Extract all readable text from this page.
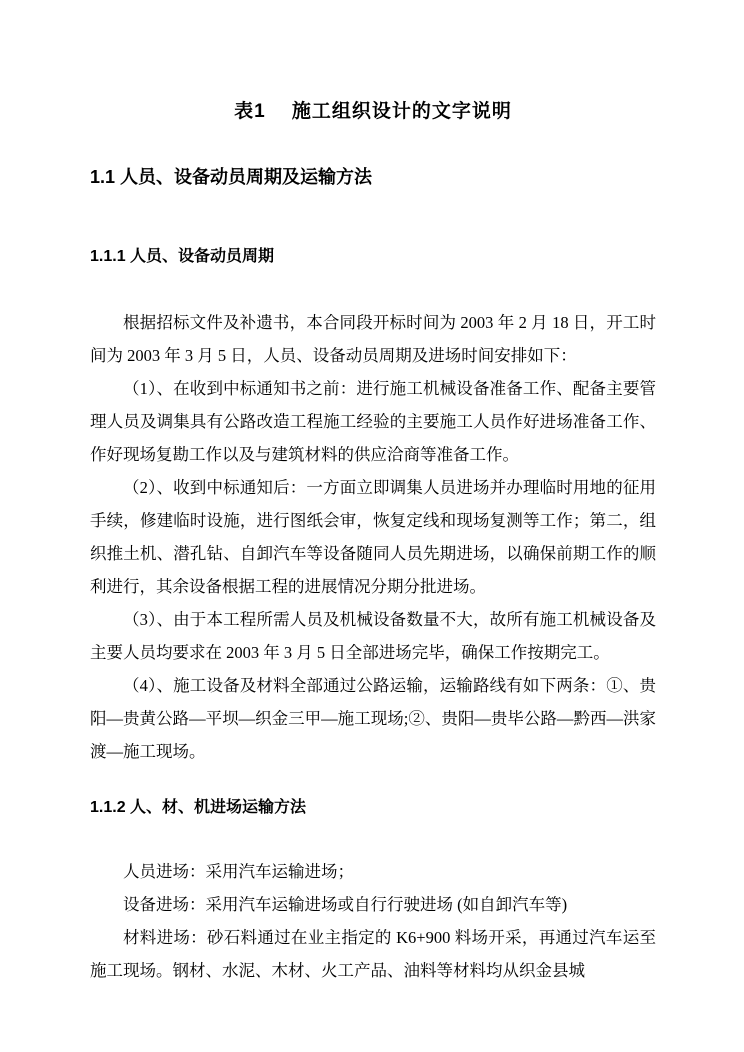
表1　 施工组织设计的文字说明
1.1 人员、设备动员周期及运输方法
1.1.1 人员、设备动员周期

根据招标文件及补遗书，本合同段开标时间为 2003 年 2 月 18 日，开工时间为 2003 年 3 月 5 日，人员、设备动员周期及进场时间安排如下：

（1）、在收到中标通知书之前：进行施工机械设备准备工作、配备主要管理人员及调集具有公路改造工程施工经验的主要施工人员作好进场准备工作、作好现场复勘工作以及与建筑材料的供应洽商等准备工作。

（2）、收到中标通知后：一方面立即调集人员进场并办理临时用地的征用手续，修建临时设施，进行图纸会审，恢复定线和现场复测等工作；第二，组织推土机、潜孔钻、自卸汽车等设备随同人员先期进场，以确保前期工作的顺利进行，其余设备根据工程的进展情况分期分批进场。

（3）、由于本工程所需人员及机械设备数量不大，故所有施工机械设备及主要人员均要求在 2003 年 3 月 5 日全部进场完毕，确保工作按期完工。

（4）、施工设备及材料全部通过公路运输，运输路线有如下两条：①、贵阳—贵黄公路—平坝—织金三甲—施工现场;②、贵阳—贵毕公路—黔西—洪家渡—施工现场。

1.1.2 人、材、机进场运输方法

人员进场：采用汽车运输进场；

设备进场：采用汽车运输进场或自行行驶进场 (如自卸汽车等)

材料进场：砂石料通过在业主指定的 K6+900 料场开采，再通过汽车运至施工现场。钢材、水泥、木材、火工产品、油料等材料均从织金县城
